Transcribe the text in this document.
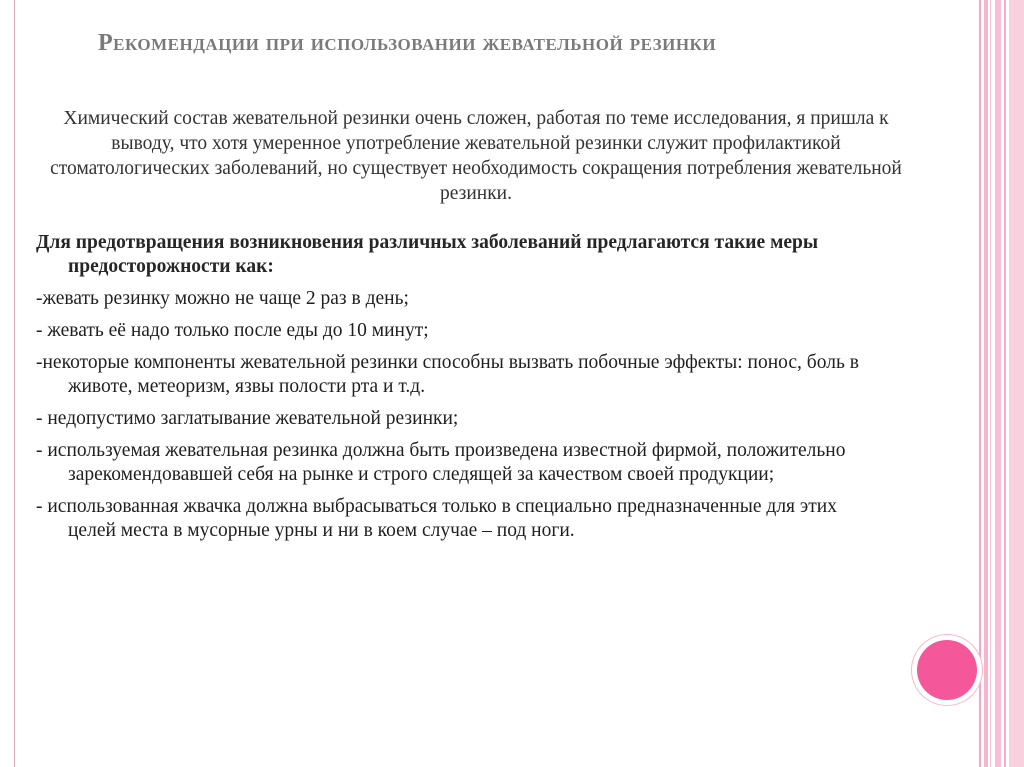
Рекомендации при использовании жевательной резинки

Химический состав жевательной резинки очень сложен, работая по теме исследования, я пришла к выводу, что хотя умеренное употребление жевательной резинки служит профилактикой стоматологических заболеваний, но существует необходимость сокращения потребления жевательной резинки.

Для предотвращения возникновения различных заболеваний предлагаются такие меры предосторожности как:
-жевать резинку можно не чаще 2 раз в день;
- жевать её надо только после еды до 10 минут;
-некоторые компоненты жевательной резинки способны вызвать побочные эффекты: понос, боль в животе, метеоризм, язвы полости рта и т.д.
- недопустимо заглатывание жевательной резинки;
- используемая жевательная резинка должна быть произведена известной фирмой, положительно зарекомендовавшей себя на рынке и строго следящей за качеством своей продукции;
- использованная жвачка должна выбрасываться только в специально предназначенные для этих целей места в мусорные урны и ни в коем случае – под ноги.
